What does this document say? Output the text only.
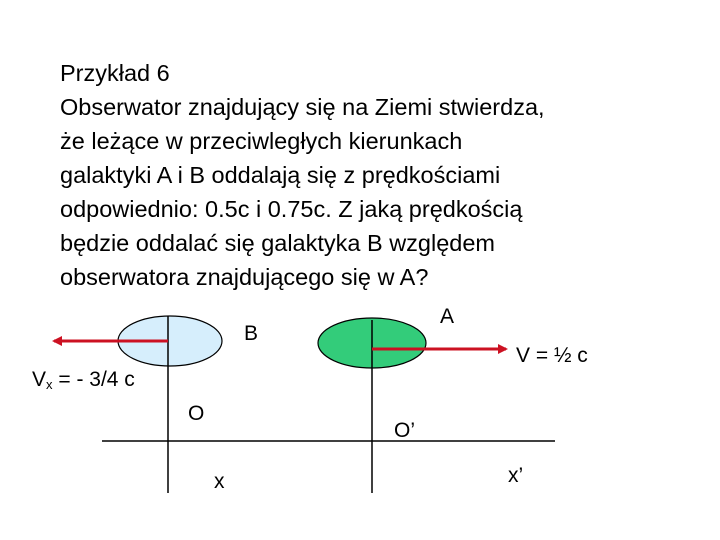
Przykład 6
Obserwator znajdujący się na Ziemi stwierdza,
że leżące w przeciwległych kierunkach
galaktyki A i B oddalają się z prędkościami
odpowiednio: 0.5c i 0.75c. Z jaką prędkością
będzie oddalać się galaktyka B względem
obserwatora znajdującego się w A?
B
A
$V_x$ = - 3/4 c
V = ½ c
O
O’
x	x’
